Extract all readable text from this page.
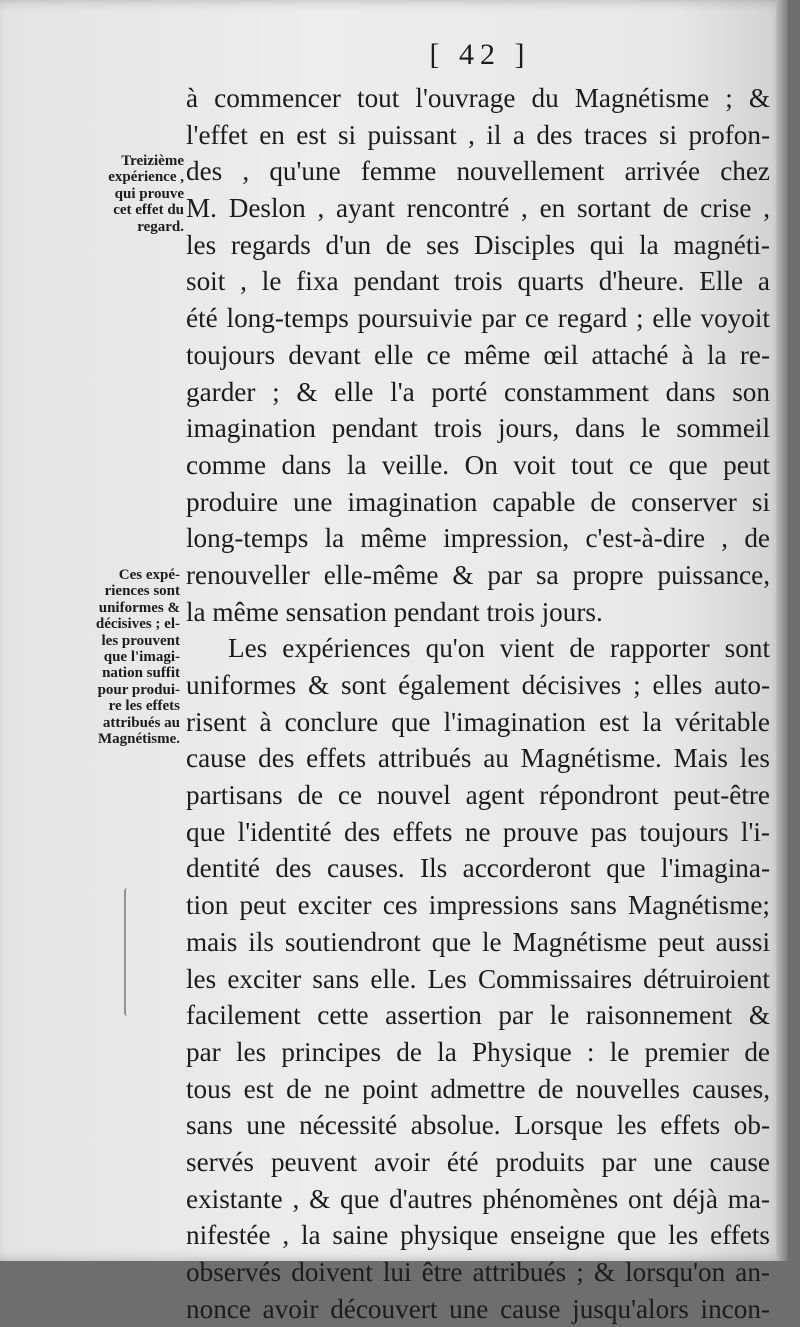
[ 42 ]
Treizième
expérience ,
qui prouve
cet effet du
regard.
Ces expé-
riences sont
uniformes &
décisives ; el-
les prouvent
que l'imagi-
nation suffit
pour produi-
re les effets
attribués au
Magnétisme.
à commencer tout l'ouvrage du Magnétisme ; &
l'effet en est si puissant , il a des traces si profon-
des , qu'une femme nouvellement arrivée chez
M. Deslon , ayant rencontré , en sortant de crise ,
les regards d'un de ses Disciples qui la magnéti-
soit , le fixa pendant trois quarts d'heure. Elle a
été long-temps poursuivie par ce regard ; elle voyoit
toujours devant elle ce même œil attaché à la re-
garder ; & elle l'a porté constamment dans son
imagination pendant trois jours, dans le sommeil
comme dans la veille. On voit tout ce que peut
produire une imagination capable de conserver si
long-temps la même impression, c'est-à-dire , de
renouveller elle-même & par sa propre puissance,
la même sensation pendant trois jours.
Les expériences qu'on vient de rapporter sont
uniformes & sont également décisives ; elles auto-
risent à conclure que l'imagination est la véritable
cause des effets attribués au Magnétisme. Mais les
partisans de ce nouvel agent répondront peut-être
que l'identité des effets ne prouve pas toujours l'i-
dentité des causes. Ils accorderont que l'imagina-
tion peut exciter ces impressions sans Magnétisme;
mais ils soutiendront que le Magnétisme peut aussi
les exciter sans elle. Les Commissaires détruiroient
facilement cette assertion par le raisonnement &
par les principes de la Physique : le premier de
tous est de ne point admettre de nouvelles causes,
sans une nécessité absolue. Lorsque les effets ob-
servés peuvent avoir été produits par une cause
existante , & que d'autres phénomènes ont déjà ma-
nifestée , la saine physique enseigne que les effets
observés doivent lui être attribués ; & lorsqu'on an-
nonce avoir découvert une cause jusqu'alors incon-
